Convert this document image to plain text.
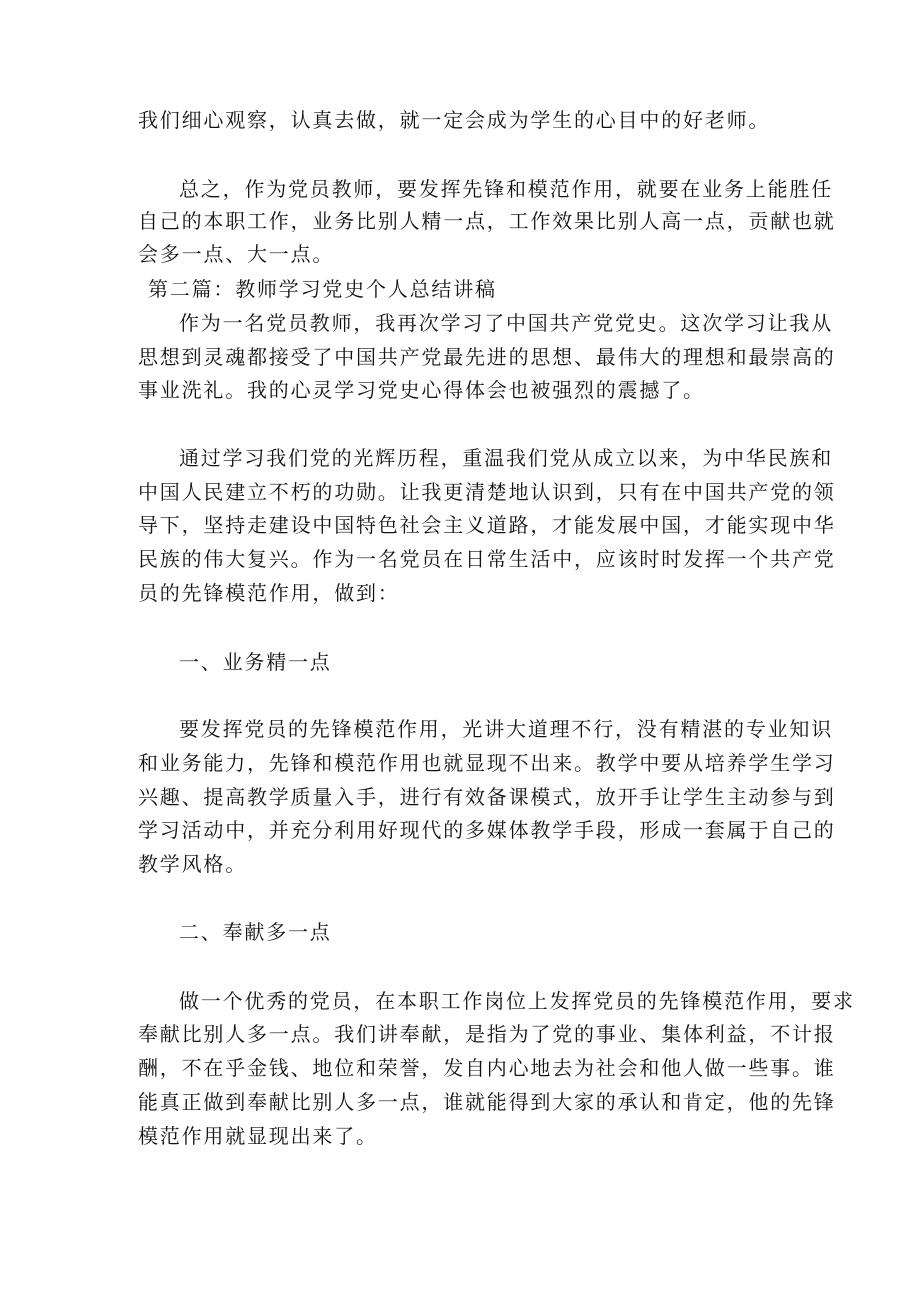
我们细心观察，认真去做，就一定会成为学生的心目中的好老师。
总之，作为党员教师，要发挥先锋和模范作用，就要在业务上能胜任
自己的本职工作，业务比别人精一点，工作效果比别人高一点，贡献也就
会多一点、大一点。
第二篇：教师学习党史个人总结讲稿
作为一名党员教师，我再次学习了中国共产党党史。这次学习让我从
思想到灵魂都接受了中国共产党最先进的思想、最伟大的理想和最崇高的
事业洗礼。我的心灵学习党史心得体会也被强烈的震撼了。
通过学习我们党的光辉历程，重温我们党从成立以来，为中华民族和
中国人民建立不朽的功勋。让我更清楚地认识到，只有在中国共产党的领
导下，坚持走建设中国特色社会主义道路，才能发展中国，才能实现中华
民族的伟大复兴。作为一名党员在日常生活中，应该时时发挥一个共产党
员的先锋模范作用，做到：
一、业务精一点
要发挥党员的先锋模范作用，光讲大道理不行，没有精湛的专业知识
和业务能力，先锋和模范作用也就显现不出来。教学中要从培养学生学习
兴趣、提高教学质量入手，进行有效备课模式，放开手让学生主动参与到
学习活动中，并充分利用好现代的多媒体教学手段，形成一套属于自己的
教学风格。
二、奉献多一点
做一个优秀的党员，在本职工作岗位上发挥党员的先锋模范作用，要求
奉献比别人多一点。我们讲奉献，是指为了党的事业、集体利益，不计报
酬，不在乎金钱、地位和荣誉，发自内心地去为社会和他人做一些事。谁
能真正做到奉献比别人多一点，谁就能得到大家的承认和肯定，他的先锋
模范作用就显现出来了。
